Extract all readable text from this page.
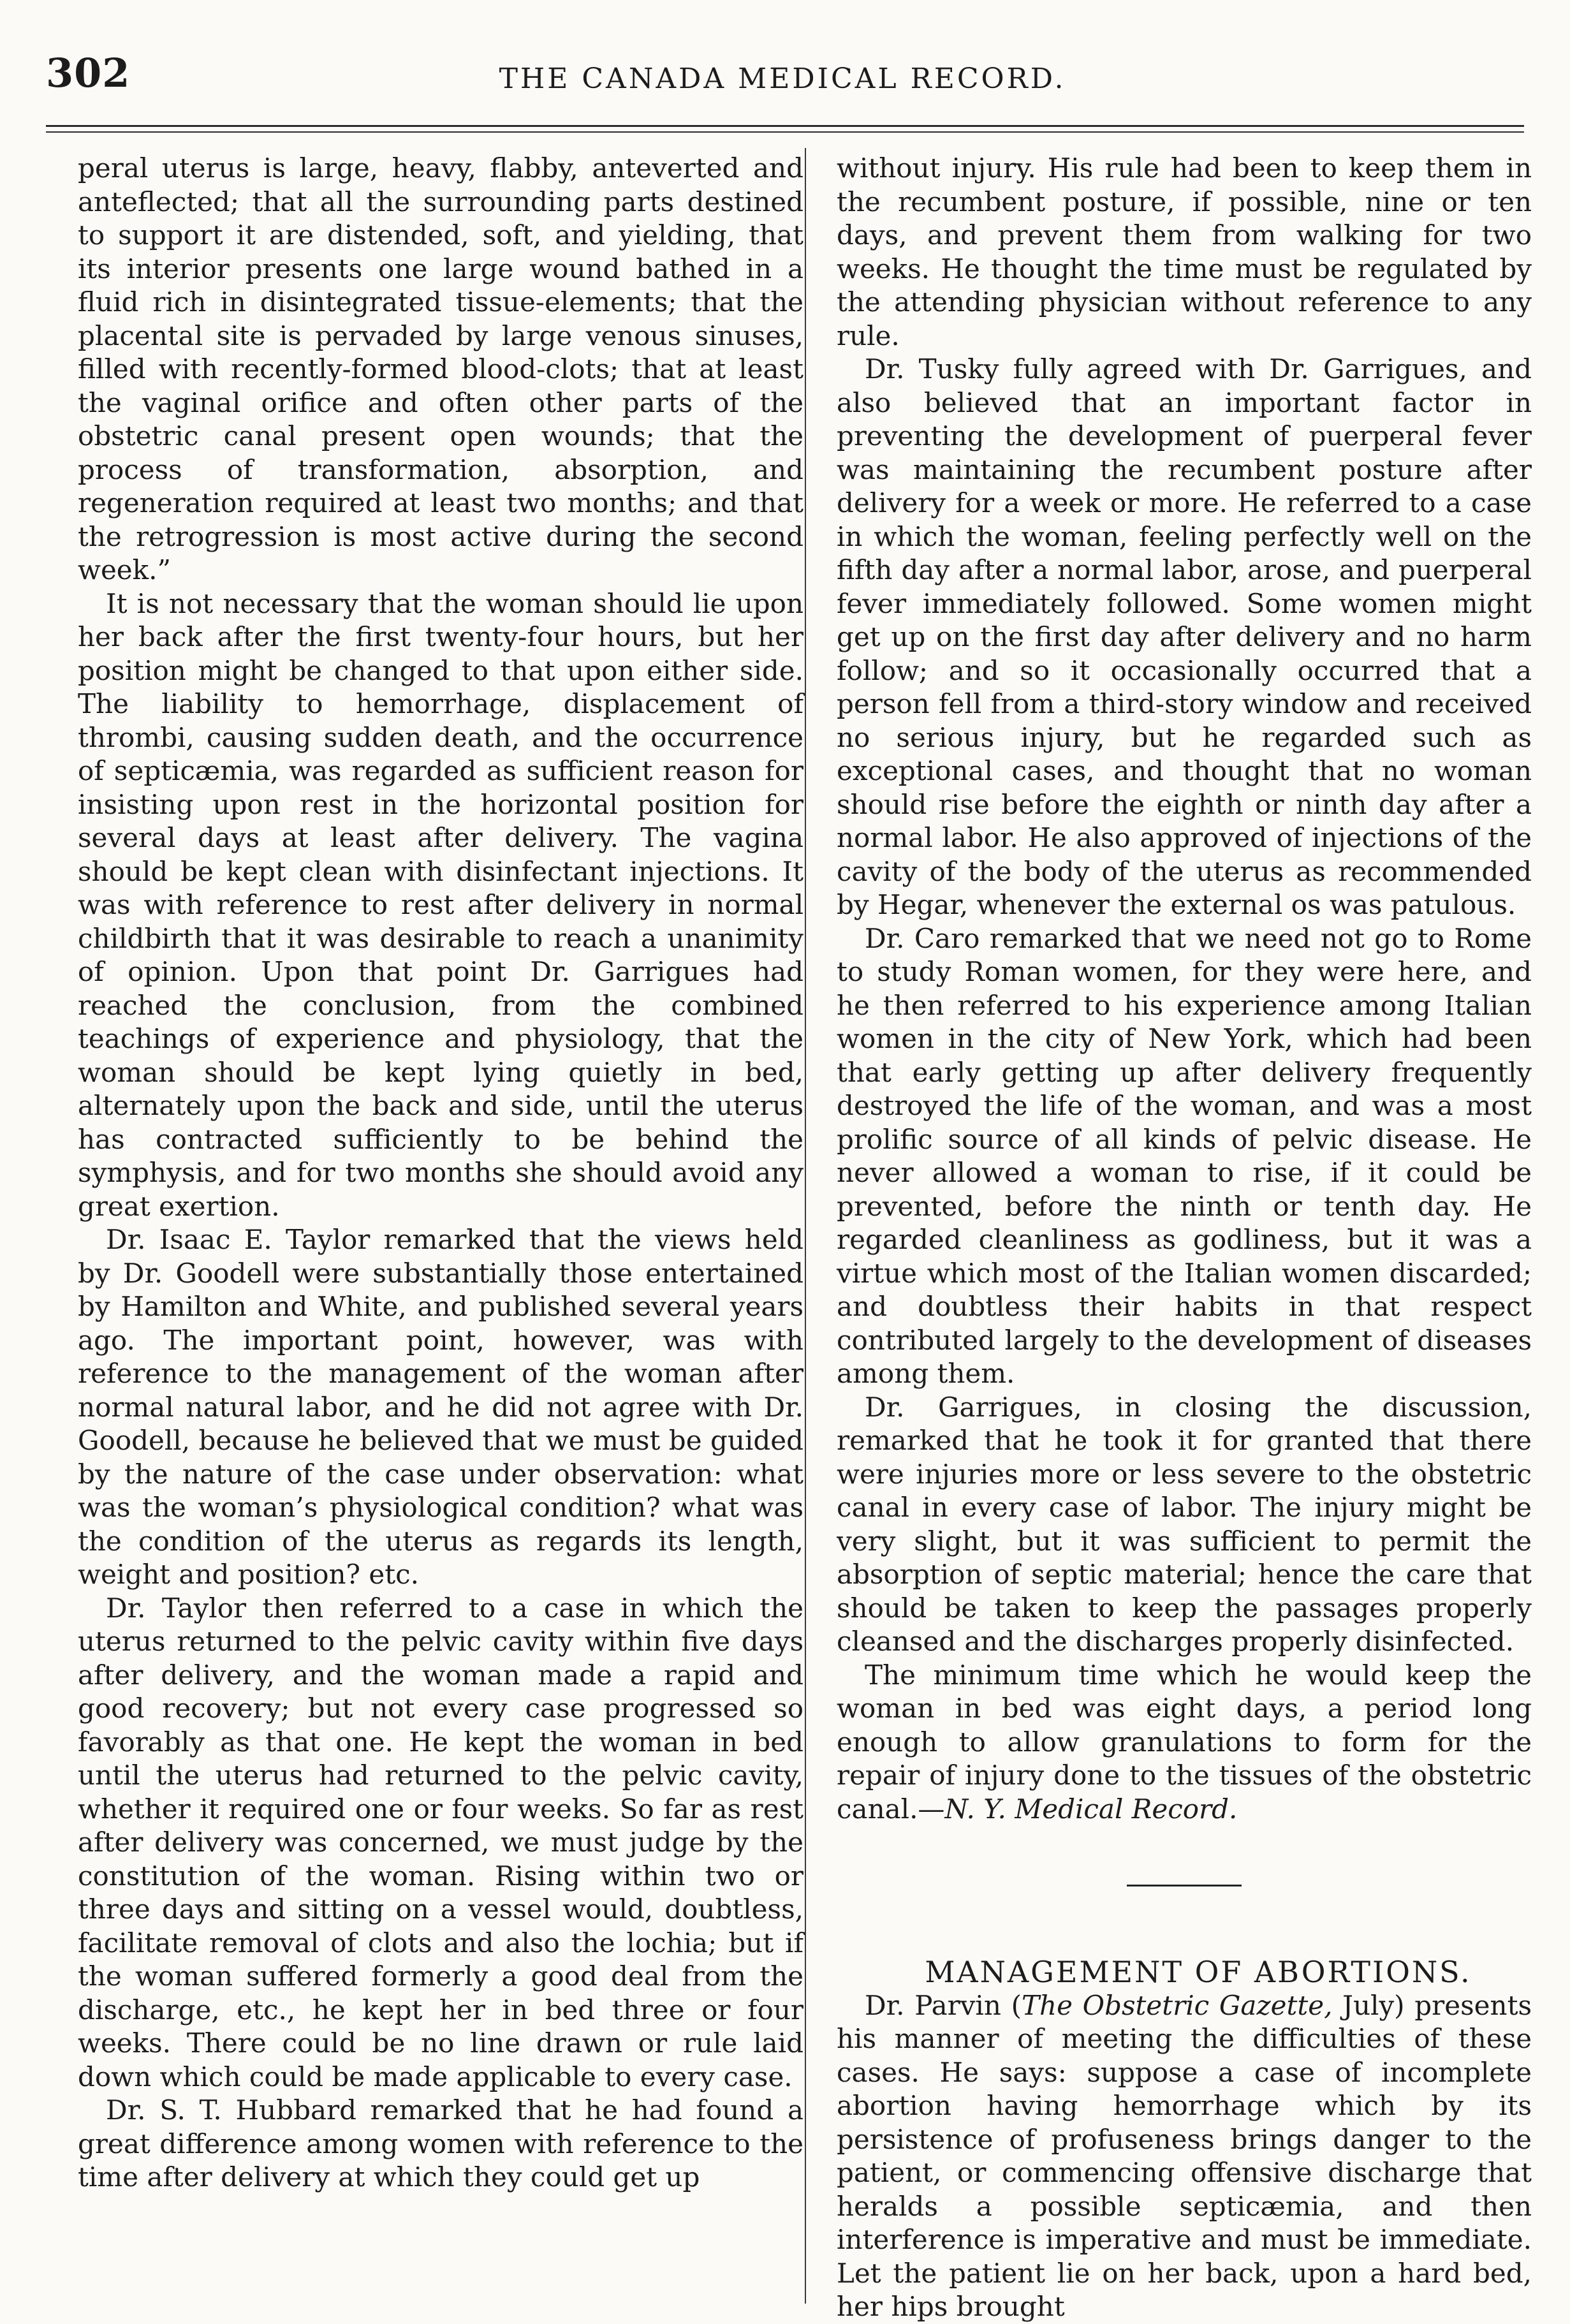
302	THE CANADA MEDICAL RECORD.

peral uterus is large, heavy, flabby, anteverted and anteflected; that all the surrounding parts destined to support it are distended, soft, and yielding, that its interior presents one large wound bathed in a fluid rich in disintegrated tissue-elements; that the placental site is pervaded by large venous sinuses, filled with recently-formed blood-clots; that at least the vaginal orifice and often other parts of the obstetric canal present open wounds; that the process of transformation, absorption, and regeneration required at least two months; and that the retrogression is most active during the second week.”

It is not necessary that the woman should lie upon her back after the first twenty-four hours, but her position might be changed to that upon either side. The liability to hemorrhage, displacement of thrombi, causing sudden death, and the occurrence of septicæmia, was regarded as sufficient reason for insisting upon rest in the horizontal position for several days at least after delivery. The vagina should be kept clean with disinfectant injections. It was with reference to rest after delivery in normal childbirth that it was desirable to reach a unanimity of opinion. Upon that point Dr. Garrigues had reached the conclusion, from the combined teachings of experience and physiology, that the woman should be kept lying quietly in bed, alternately upon the back and side, until the uterus has contracted sufficiently to be behind the symphysis, and for two months she should avoid any great exertion.

Dr. Isaac E. Taylor remarked that the views held by Dr. Goodell were substantially those entertained by Hamilton and White, and published several years ago. The important point, however, was with reference to the management of the woman after normal natural labor, and he did not agree with Dr. Goodell, because he believed that we must be guided by the nature of the case under observation: what was the woman’s physiological condition? what was the condition of the uterus as regards its length, weight and position? etc.

Dr. Taylor then referred to a case in which the uterus returned to the pelvic cavity within five days after delivery, and the woman made a rapid and good recovery; but not every case progressed so favorably as that one. He kept the woman in bed until the uterus had returned to the pelvic cavity, whether it required one or four weeks. So far as rest after delivery was concerned, we must judge by the constitution of the woman. Rising within two or three days and sitting on a vessel would, doubtless, facilitate removal of clots and also the lochia; but if the woman suffered formerly a good deal from the discharge, etc., he kept her in bed three or four weeks. There could be no line drawn or rule laid down which could be made applicable to every case.

Dr. S. T. Hubbard remarked that he had found a great difference among women with reference to the time after delivery at which they could get up

without injury. His rule had been to keep them in the recumbent posture, if possible, nine or ten days, and prevent them from walking for two weeks. He thought the time must be regulated by the attending physician without reference to any rule.

Dr. Tusky fully agreed with Dr. Garrigues, and also believed that an important factor in preventing the development of puerperal fever was maintaining the recumbent posture after delivery for a week or more. He referred to a case in which the woman, feeling perfectly well on the fifth day after a normal labor, arose, and puerperal fever immediately followed. Some women might get up on the first day after delivery and no harm follow; and so it occasionally occurred that a person fell from a third-story window and received no serious injury, but he regarded such as exceptional cases, and thought that no woman should rise before the eighth or ninth day after a normal labor. He also approved of injections of the cavity of the body of the uterus as recommended by Hegar, whenever the external os was patulous.

Dr. Caro remarked that we need not go to Rome to study Roman women, for they were here, and he then referred to his experience among Italian women in the city of New York, which had been that early getting up after delivery frequently destroyed the life of the woman, and was a most prolific source of all kinds of pelvic disease. He never allowed a woman to rise, if it could be prevented, before the ninth or tenth day. He regarded cleanliness as godliness, but it was a virtue which most of the Italian women discarded; and doubtless their habits in that respect contributed largely to the development of diseases among them.

Dr. Garrigues, in closing the discussion, remarked that he took it for granted that there were injuries more or less severe to the obstetric canal in every case of labor. The injury might be very slight, but it was sufficient to permit the absorption of septic material; hence the care that should be taken to keep the passages properly cleansed and the discharges properly disinfected.

The minimum time which he would keep the woman in bed was eight days, a period long enough to allow granulations to form for the repair of injury done to the tissues of the obstetric canal.—N. Y. Medical Record.

MANAGEMENT OF ABORTIONS.

Dr. Parvin (The Obstetric Gazette, July) presents his manner of meeting the difficulties of these cases. He says: suppose a case of incomplete abortion having hemorrhage which by its persistence of profuseness brings danger to the patient, or commencing offensive discharge that heralds a possible septicæmia, and then interference is imperative and must be immediate. Let the patient lie on her back, upon a hard bed, her hips brought
